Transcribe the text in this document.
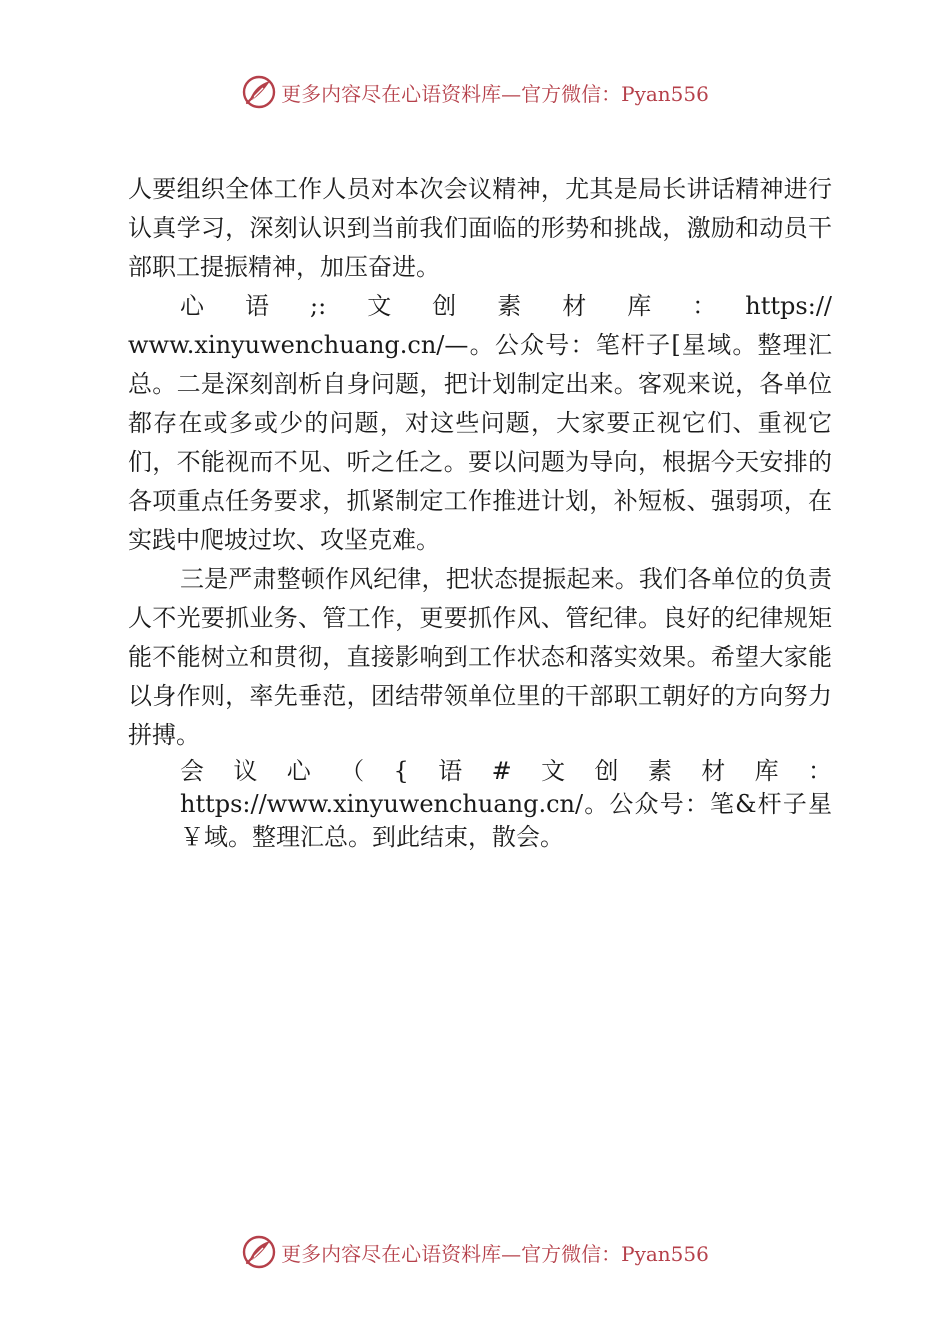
更多内容尽在心语资料库—官方微信：Pyan556

人要组织全体工作人员对本次会议精神，尤其是局长讲话精神进行认真学习，深刻认识到当前我们面临的形势和挑战，激励和动员干部职工提振精神，加压奋进。

心　语　;:　文　创　素　材　库　：　https://
www.xinyuwenchuang.cn/—。公众号：笔杆子[星域。整理汇总。二是深刻剖析自身问题，把计划制定出来。客观来说，各单位都存在或多或少的问题，对这些问题，大家要正视它们、重视它们，不能视而不见、听之任之。要以问题为导向，根据今天安排的各项重点任务要求，抓紧制定工作推进计划，补短板、强弱项，在实践中爬坡过坎、攻坚克难。

三是严肃整顿作风纪律，把状态提振起来。我们各单位的负责人不光要抓业务、管工作，更要抓作风、管纪律。良好的纪律规矩能不能树立和贯彻，直接影响到工作状态和落实效果。希望大家能以身作则，率先垂范，团结带领单位里的干部职工朝好的方向努力拼搏。

会议心（{语#文创素材库：https://www.xinyuwenchuang.cn/。公众号：笔&杆子星￥域。整理汇总。到此结束，散会。

更多内容尽在心语资料库—官方微信：Pyan556
